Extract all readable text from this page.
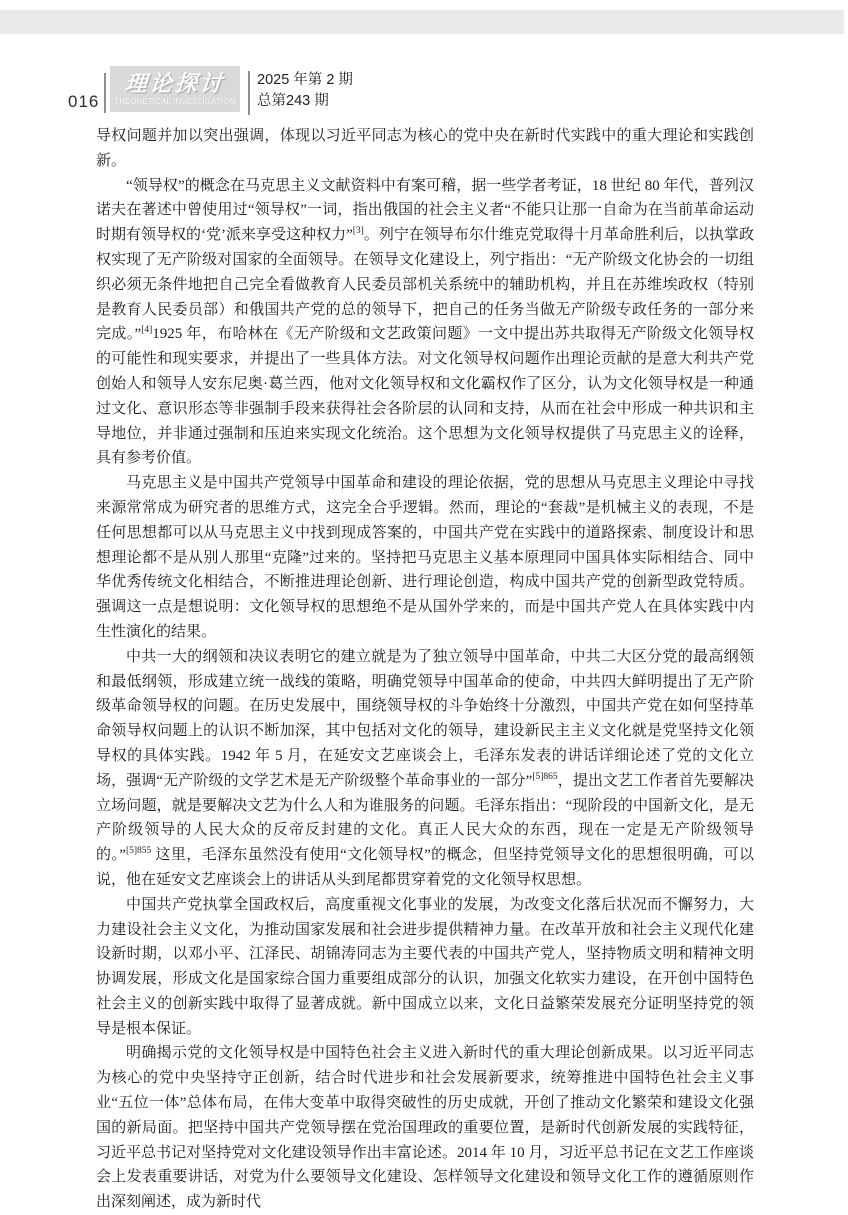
016
理论探讨
THEORETICAL INVESTIGATION
2025 年第 2 期
总第243 期

导权问题并加以突出强调，体现以习近平同志为核心的党中央在新时代实践中的重大理论和实践创新。

“领导权”的概念在马克思主义文献资料中有案可稽，据一些学者考证，18 世纪 80 年代，普列汉诺夫在著述中曾使用过“领导权”一词，指出俄国的社会主义者“不能只让那一自命为在当前革命运动时期有领导权的‘党’派来享受这种权力”[3]。列宁在领导布尔什维克党取得十月革命胜利后，以执掌政权实现了无产阶级对国家的全面领导。在领导文化建设上，列宁指出：“无产阶级文化协会的一切组织必须无条件地把自己完全看做教育人民委员部机关系统中的辅助机构，并且在苏维埃政权（特别是教育人民委员部）和俄国共产党的总的领导下，把自己的任务当做无产阶级专政任务的一部分来完成。”[4]1925 年，布哈林在《无产阶级和文艺政策问题》一文中提出苏共取得无产阶级文化领导权的可能性和现实要求，并提出了一些具体方法。对文化领导权问题作出理论贡献的是意大利共产党创始人和领导人安东尼奥·葛兰西，他对文化领导权和文化霸权作了区分，认为文化领导权是一种通过文化、意识形态等非强制手段来获得社会各阶层的认同和支持，从而在社会中形成一种共识和主导地位，并非通过强制和压迫来实现文化统治。这个思想为文化领导权提供了马克思主义的诠释，具有参考价值。

马克思主义是中国共产党领导中国革命和建设的理论依据，党的思想从马克思主义理论中寻找来源常常成为研究者的思维方式，这完全合乎逻辑。然而，理论的“套裁”是机械主义的表现，不是任何思想都可以从马克思主义中找到现成答案的，中国共产党在实践中的道路探索、制度设计和思想理论都不是从别人那里“克隆”过来的。坚持把马克思主义基本原理同中国具体实际相结合、同中华优秀传统文化相结合，不断推进理论创新、进行理论创造，构成中国共产党的创新型政党特质。强调这一点是想说明：文化领导权的思想绝不是从国外学来的，而是中国共产党人在具体实践中内生性演化的结果。

中共一大的纲领和决议表明它的建立就是为了独立领导中国革命，中共二大区分党的最高纲领和最低纲领，形成建立统一战线的策略，明确党领导中国革命的使命，中共四大鲜明提出了无产阶级革命领导权的问题。在历史发展中，围绕领导权的斗争始终十分激烈，中国共产党在如何坚持革命领导权问题上的认识不断加深，其中包括对文化的领导，建设新民主主义文化就是党坚持文化领导权的具体实践。1942 年 5 月，在延安文艺座谈会上，毛泽东发表的讲话详细论述了党的文化立场，强调“无产阶级的文学艺术是无产阶级整个革命事业的一部分”$^{[5]865}$，提出文艺工作者首先要解决立场问题，就是要解决文艺为什么人和为谁服务的问题。毛泽东指出：“现阶段的中国新文化，是无产阶级领导的人民大众的反帝反封建的文化。真正人民大众的东西，现在一定是无产阶级领导的。”$^{[5]855}$ 这里，毛泽东虽然没有使用“文化领导权”的概念，但坚持党领导文化的思想很明确，可以说，他在延安文艺座谈会上的讲话从头到尾都贯穿着党的文化领导权思想。

中国共产党执掌全国政权后，高度重视文化事业的发展，为改变文化落后状况而不懈努力，大力建设社会主义文化，为推动国家发展和社会进步提供精神力量。在改革开放和社会主义现代化建设新时期，以邓小平、江泽民、胡锦涛同志为主要代表的中国共产党人，坚持物质文明和精神文明协调发展，形成文化是国家综合国力重要组成部分的认识，加强文化软实力建设，在开创中国特色社会主义的创新实践中取得了显著成就。新中国成立以来，文化日益繁荣发展充分证明坚持党的领导是根本保证。

明确揭示党的文化领导权是中国特色社会主义进入新时代的重大理论创新成果。以习近平同志为核心的党中央坚持守正创新，结合时代进步和社会发展新要求，统筹推进中国特色社会主义事业“五位一体”总体布局，在伟大变革中取得突破性的历史成就，开创了推动文化繁荣和建设文化强国的新局面。把坚持中国共产党领导摆在党治国理政的重要位置，是新时代创新发展的实践特征，习近平总书记对坚持党对文化建设领导作出丰富论述。2014 年 10 月，习近平总书记在文艺工作座谈会上发表重要讲话，对党为什么要领导文化建设、怎样领导文化建设和领导文化工作的遵循原则作出深刻阐述，成为新时代
